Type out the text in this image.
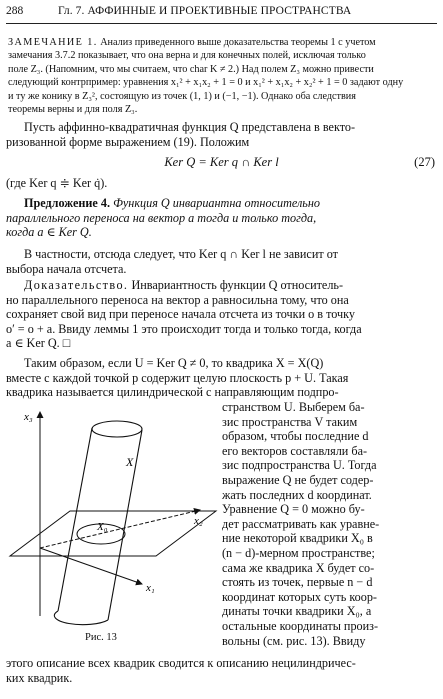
288	Гл. 7. АФФИННЫЕ И ПРОЕКТИВНЫЕ ПРОСТРАНСТВА
ЗАМЕЧАНИЕ 1. Анализ приведенного выше доказательства теоремы 1 с учетом
замечания 3.7.2 показывает, что она верна и для конечных полей, исключая только
поле Z₃. (Напомним, что мы считаем, что char K ≠ 2.) Над полем Z₃ можно привести
следующий контрпример: уравнения x₁² + x₁x₂ + 1 = 0 и x₁² + x₁x₂ + x₂² + 1 = 0 задают одну
и ту же конику в Z₃², состоящую из точек (1, 1) и (−1, −1). Однако оба следствия
теоремы верны и для поля Z₃.
Пусть аффинно-квадратичная функция Q представлена в векто-
ризованной форме выражением (19). Положим
Ker Q = Ker q ∩ Ker l	(27)
(где Ker q ≑ Ker q̇).
Предложение 4. Функция Q инвариантна относительно
параллельного переноса на вектор a тогда и только тогда,
когда a ∈ Ker Q.
В частности, отсюда следует, что Ker q ∩ Ker l не зависит от
выбора начала отсчета.
Доказательство. Инвариантность функции Q относитель-
но параллельного переноса на вектор a равносильна тому, что она
сохраняет свой вид при переносе начала отсчета из точки o в точку
o′ = o + a. Ввиду леммы 1 это происходит тогда и только тогда, когда
a ∈ Ker Q. □
Таким образом, если U = Ker Q ≠ 0, то квадрика X = X(Q)
вместе с каждой точкой p содержит целую плоскость p + U. Такая
квадрика называется цилиндрической с направляющим подпро-
странством U. Выберем ба-
зис пространства V таким
образом, чтобы последние d
его векторов составляли ба-
зис подпространства U. Тогда
выражение Q не будет содер-
жать последних d координат.
Уравнение Q = 0 можно бу-
дет рассматривать как уравне-
ние некоторой квадрики X₀ в
(n − d)-мерном пространстве;
сама же квадрика X будет со-
стоять из точек, первые n − d
координат которых суть коор-
динаты точки квадрики X₀, а
остальные координаты произ-
вольны (см. рис. 13). Ввиду
x₃
X
x₂
X₀
x₁
Рис. 13
этого описание всех квадрик сводится к описанию нецилиндричес-
ких квадрик.
